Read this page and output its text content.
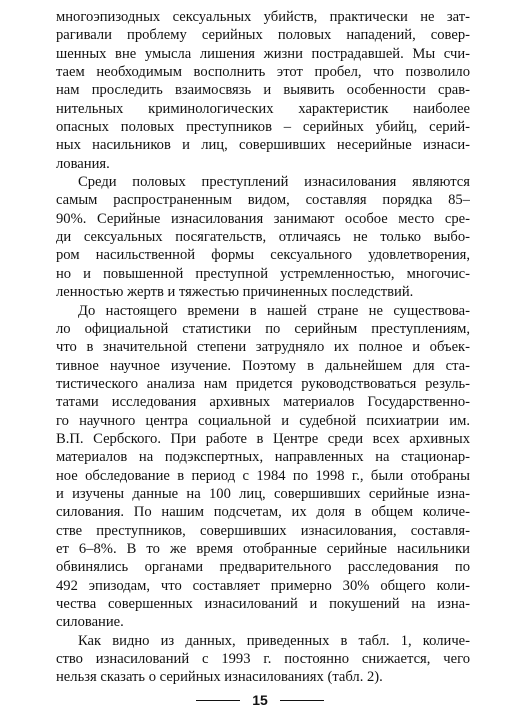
многоэпизодных сексуальных убийств, практически не зат-
рагивали проблему серийных половых нападений, совер-
шенных вне умысла лишения жизни пострадавшей. Мы счи-
таем необходимым восполнить этот пробел, что позволило
нам проследить взаимосвязь и выявить особенности срав-
нительных криминологических характеристик наиболее
опасных половых преступников – серийных убийц, серий-
ных насильников и лиц, совершивших несерийные изнаси-
лования.
Среди половых преступлений изнасилования являются
самым распространенным видом, составляя порядка 85–
90%. Серийные изнасилования занимают особое место сре-
ди сексуальных посягательств, отличаясь не только выбо-
ром насильственной формы сексуального удовлетворения,
но и повышенной преступной устремленностью, многочис-
ленностью жертв и тяжестью причиненных последствий.
До настоящего времени в нашей стране не существова-
ло официальной статистики по серийным преступлениям,
что в значительной степени затрудняло их полное и объек-
тивное научное изучение. Поэтому в дальнейшем для ста-
тистического анализа нам придется руководствоваться резуль-
татами исследования архивных материалов Государственно-
го научного центра социальной и судебной психиатрии им.
В.П. Сербского. При работе в Центре среди всех архивных
материалов на подэкспертных, направленных на стационар-
ное обследование в период с 1984 по 1998 г., были отобраны
и изучены данные на 100 лиц, совершивших серийные изна-
силования. По нашим подсчетам, их доля в общем количе-
стве преступников, совершивших изнасилования, составля-
ет 6–8%. В то же время отобранные серийные насильники
обвинялись органами предварительного расследования по
492 эпизодам, что составляет примерно 30% общего коли-
чества совершенных изнасилований и покушений на изна-
силование.
Как видно из данных, приведенных в табл. 1, количе-
ство изнасилований с 1993 г. постоянно снижается, чего
нельзя сказать о серийных изнасилованиях (табл. 2).
15
